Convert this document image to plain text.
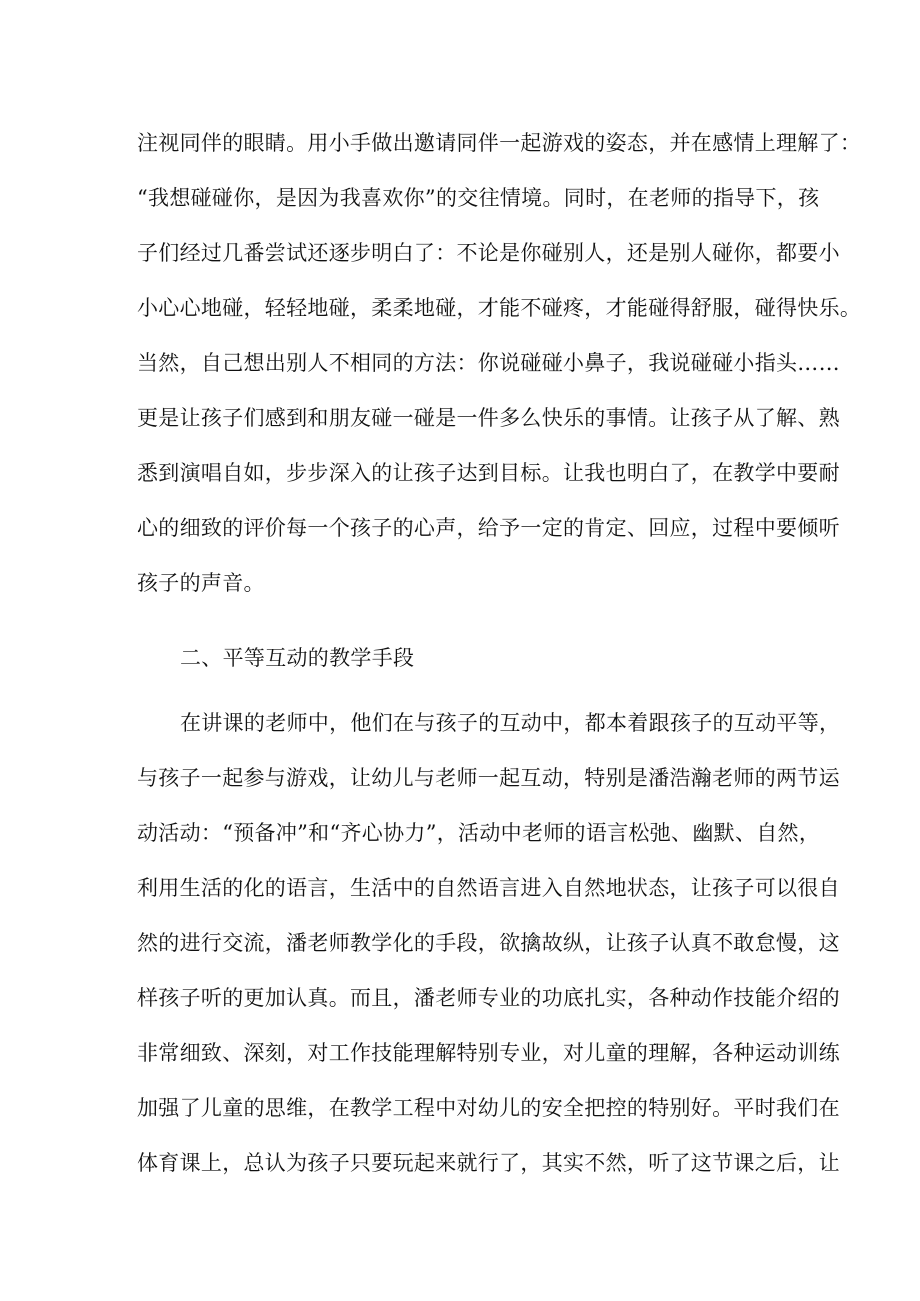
注视同伴的眼睛。用小手做出邀请同伴一起游戏的姿态，并在感情上理解了：
“我想碰碰你，是因为我喜欢你”的交往情境。同时，在老师的指导下，孩
子们经过几番尝试还逐步明白了：不论是你碰别人，还是别人碰你，都要小
小心心地碰，轻轻地碰，柔柔地碰，才能不碰疼，才能碰得舒服，碰得快乐。
当然，自己想出别人不相同的方法：你说碰碰小鼻子，我说碰碰小指头……
更是让孩子们感到和朋友碰一碰是一件多么快乐的事情。让孩子从了解、熟
悉到演唱自如，步步深入的让孩子达到目标。让我也明白了，在教学中要耐
心的细致的评价每一个孩子的心声，给予一定的肯定、回应，过程中要倾听
孩子的声音。
二、平等互动的教学手段
在讲课的老师中，他们在与孩子的互动中，都本着跟孩子的互动平等，
与孩子一起参与游戏，让幼儿与老师一起互动，特别是潘浩瀚老师的两节运
动活动：“预备冲”和“齐心协力”，活动中老师的语言松弛、幽默、自然，
利用生活的化的语言，生活中的自然语言进入自然地状态，让孩子可以很自
然的进行交流，潘老师教学化的手段，欲擒故纵，让孩子认真不敢怠慢，这
样孩子听的更加认真。而且，潘老师专业的功底扎实，各种动作技能介绍的
非常细致、深刻，对工作技能理解特别专业，对儿童的理解，各种运动训练
加强了儿童的思维，在教学工程中对幼儿的安全把控的特别好。平时我们在
体育课上，总认为孩子只要玩起来就行了，其实不然，听了这节课之后，让
